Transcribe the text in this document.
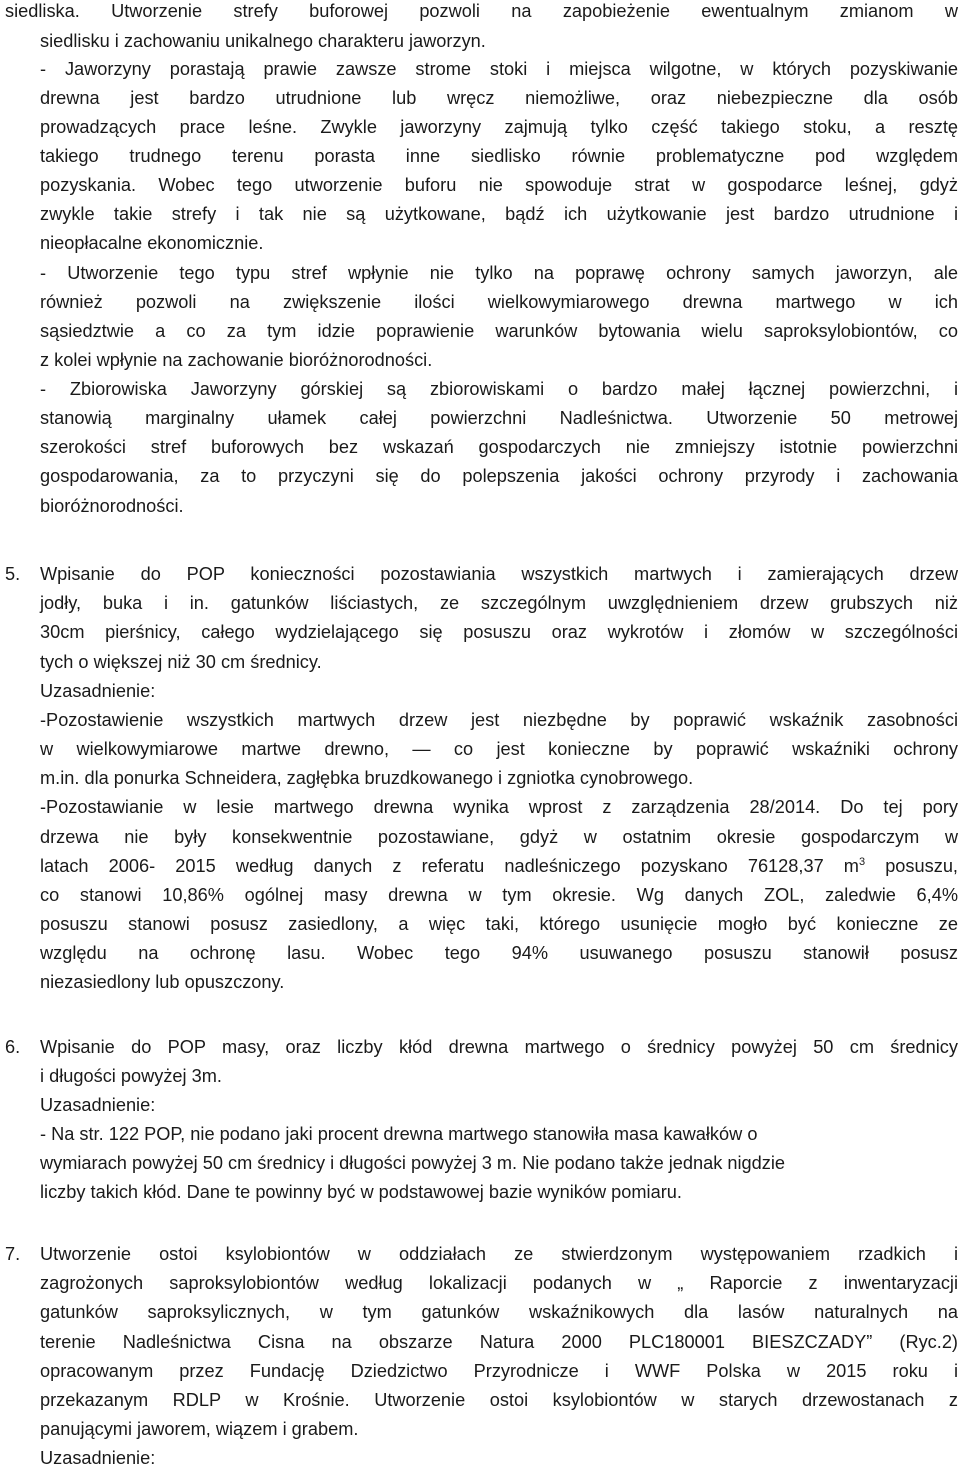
siedliska. Utworzenie strefy buforowej pozwoli na zapobieżenie ewentualnym zmianom w
siedlisku i zachowaniu unikalnego charakteru jaworzyn.
- Jaworzyny porastają prawie zawsze strome stoki i miejsca wilgotne, w których pozyskiwanie
drewna jest bardzo utrudnione lub wręcz niemożliwe, oraz niebezpieczne dla osób
prowadzących prace leśne. Zwykle jaworzyny zajmują tylko część takiego stoku, a resztę
takiego trudnego terenu porasta inne siedlisko równie problematyczne pod względem
pozyskania. Wobec tego utworzenie buforu nie spowoduje strat w gospodarce leśnej, gdyż
zwykle takie strefy i tak nie są użytkowane, bądź ich użytkowanie jest bardzo utrudnione i
nieopłacalne ekonomicznie.
- Utworzenie tego typu stref wpłynie nie tylko na poprawę ochrony samych jaworzyn, ale
również pozwoli na zwiększenie ilości wielkowymiarowego drewna martwego w ich
sąsiedztwie a co za tym idzie poprawienie warunków bytowania wielu saproksylobiontów, co
z kolei wpłynie na zachowanie bioróżnorodności.
- Zbiorowiska Jaworzyny górskiej są zbiorowiskami o bardzo małej łącznej powierzchni, i
stanowią marginalny ułamek całej powierzchni Nadleśnictwa. Utworzenie 50 metrowej
szerokości stref buforowych bez wskazań gospodarczych nie zmniejszy istotnie powierzchni
gospodarowania, za to przyczyni się do polepszenia jakości ochrony przyrody i zachowania
bioróżnorodności.
5. Wpisanie do POP konieczności pozostawiania wszystkich martwych i zamierających drzew
jodły, buka i in. gatunków liściastych, ze szczególnym uwzględnieniem drzew grubszych niż
30cm pierśnicy, całego wydzielającego się posuszu oraz wykrotów i złomów w szczególności
tych o większej niż 30 cm średnicy.
Uzasadnienie:
-Pozostawienie wszystkich martwych drzew jest niezbędne by poprawić wskaźnik zasobności
w wielkowymiarowe martwe drewno, — co jest konieczne by poprawić wskaźniki ochrony
m.in. dla ponurka Schneidera, zagłębka bruzdkowanego i zgniotka cynobrowego.
-Pozostawianie w lesie martwego drewna wynika wprost z zarządzenia 28/2014. Do tej pory
drzewa nie były konsekwentnie pozostawiane, gdyż w ostatnim okresie gospodarczym w
latach 2006- 2015 według danych z referatu nadleśniczego pozyskano 76128,37 $m^3$ posuszu,
co stanowi 10,86% ogólnej masy drewna w tym okresie. Wg danych ZOL, zaledwie 6,4%
posuszu stanowi posusz zasiedlony, a więc taki, którego usunięcie mogło być konieczne ze
względu na ochronę lasu. Wobec tego 94% usuwanego posuszu stanowił posusz
niezasiedlony lub opuszczony.
6. Wpisanie do POP masy, oraz liczby kłód drewna martwego o średnicy powyżej 50 cm średnicy
i długości powyżej 3m.
Uzasadnienie:
- Na str. 122 POP, nie podano jaki procent drewna martwego stanowiła masa kawałków o
wymiarach powyżej 50 cm średnicy i długości powyżej 3 m. Nie podano także jednak nigdzie
liczby takich kłód. Dane te powinny być w podstawowej bazie wyników pomiaru.
7. Utworzenie ostoi ksylobiontów w oddziałach ze stwierdzonym występowaniem rzadkich i
zagrożonych saproksylobiontów według lokalizacji podanych w „ Raporcie z inwentaryzacji
gatunków saproksylicznych, w tym gatunków wskaźnikowych dla lasów naturalnych na
terenie Nadleśnictwa Cisna na obszarze Natura 2000 PLC180001 BIESZCZADY” (Ryc.2)
opracowanym przez Fundację Dziedzictwo Przyrodnicze i WWF Polska w 2015 roku i
przekazanym RDLP w Krośnie. Utworzenie ostoi ksylobiontów w starych drzewostanach z
panującymi jaworem, wiązem i grabem.
Uzasadnienie:
